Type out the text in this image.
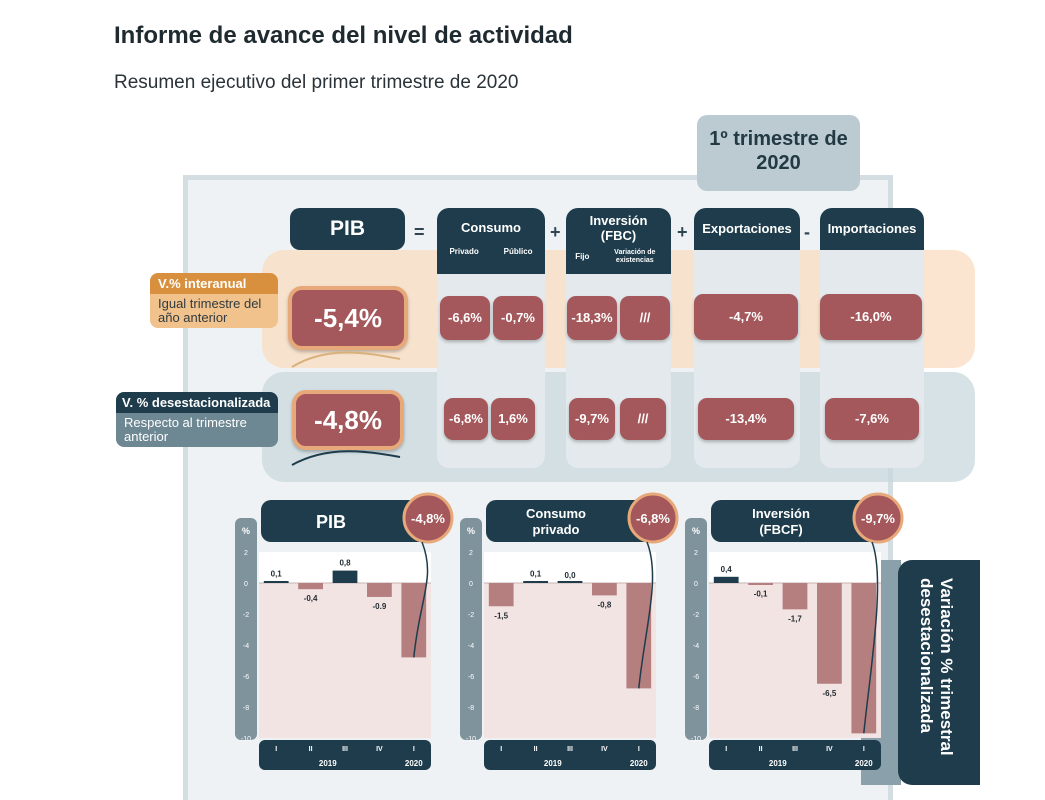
Informe de avance del nivel de actividad
Resumen ejecutivo del primer trimestre de 2020
1º trimestre de 2020
PIB	=	Consumo
Privado	Público
+
Inversión (FBC)
Fijo	Variación de existencias
+	Exportaciones -	Importaciones
V.% interanual
Igual trimestre del año anterior
V. % desestacionalizada
Respecto al trimestre anterior
-5,4%	-6,6%	-0,7%	-18,3%	///	-4,7%	-16,0%
-4,8%	-6,8%	1,6%	-9,7%	///	-13,4%	-7,6%
Variación % trimestral desestacionalizada
PIB
%
2
0
-2
-4
-6
-8
-10
0,1
-0,4
0,8
-0.9
I	II	III	IV	I
2019	2020
-4,8%	Consumo
privado
%
2
0
-2
-4
-6
-8
-10
-1,5
0,1	0,0
-0,8
I	II	III	IV	I
2019	2020
-6,8%	Inversión
(FBCF)
%
2
0
-2
-4
-6
-8
-10
0,4
-0,1
-1,7
-6,5
I	II	III	IV	I
2019	2020
-9,7%
